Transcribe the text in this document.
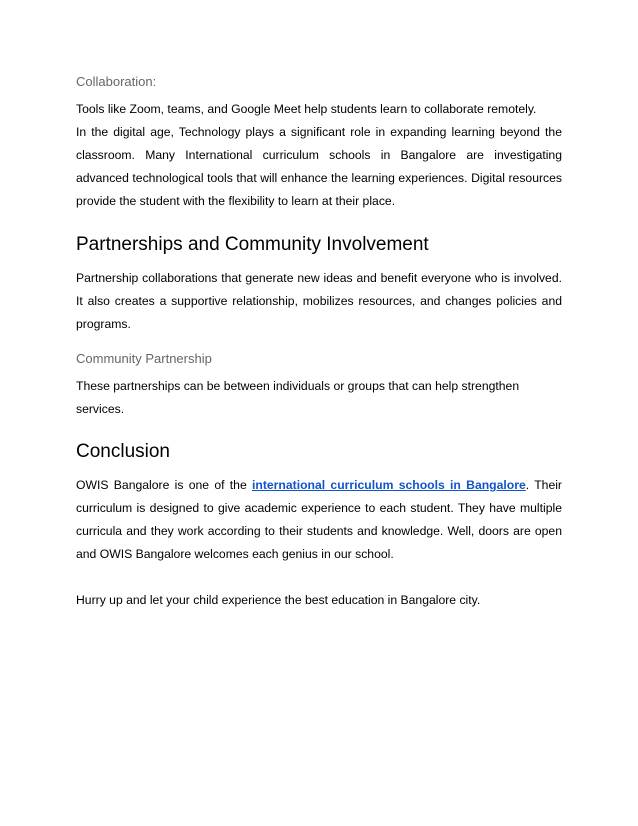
Collaboration:

Tools like Zoom, teams, and Google Meet help students learn to collaborate remotely.

In the digital age, Technology plays a significant role in expanding learning beyond the classroom. Many International curriculum schools in Bangalore are investigating advanced technological tools that will enhance the learning experiences. Digital resources provide the student with the flexibility to learn at their place.

Partnerships and Community Involvement

Partnership collaborations that generate new ideas and benefit everyone who is involved. It also creates a supportive relationship, mobilizes resources, and changes policies and programs.

Community Partnership

These partnerships can be between individuals or groups that can help strengthen services.

Conclusion

OWIS Bangalore is one of the international curriculum schools in Bangalore. Their curriculum is designed to give academic experience to each student. They have multiple curricula and they work according to their students and knowledge. Well, doors are open and OWIS Bangalore welcomes each genius in our school.

Hurry up and let your child experience the best education in Bangalore city.
